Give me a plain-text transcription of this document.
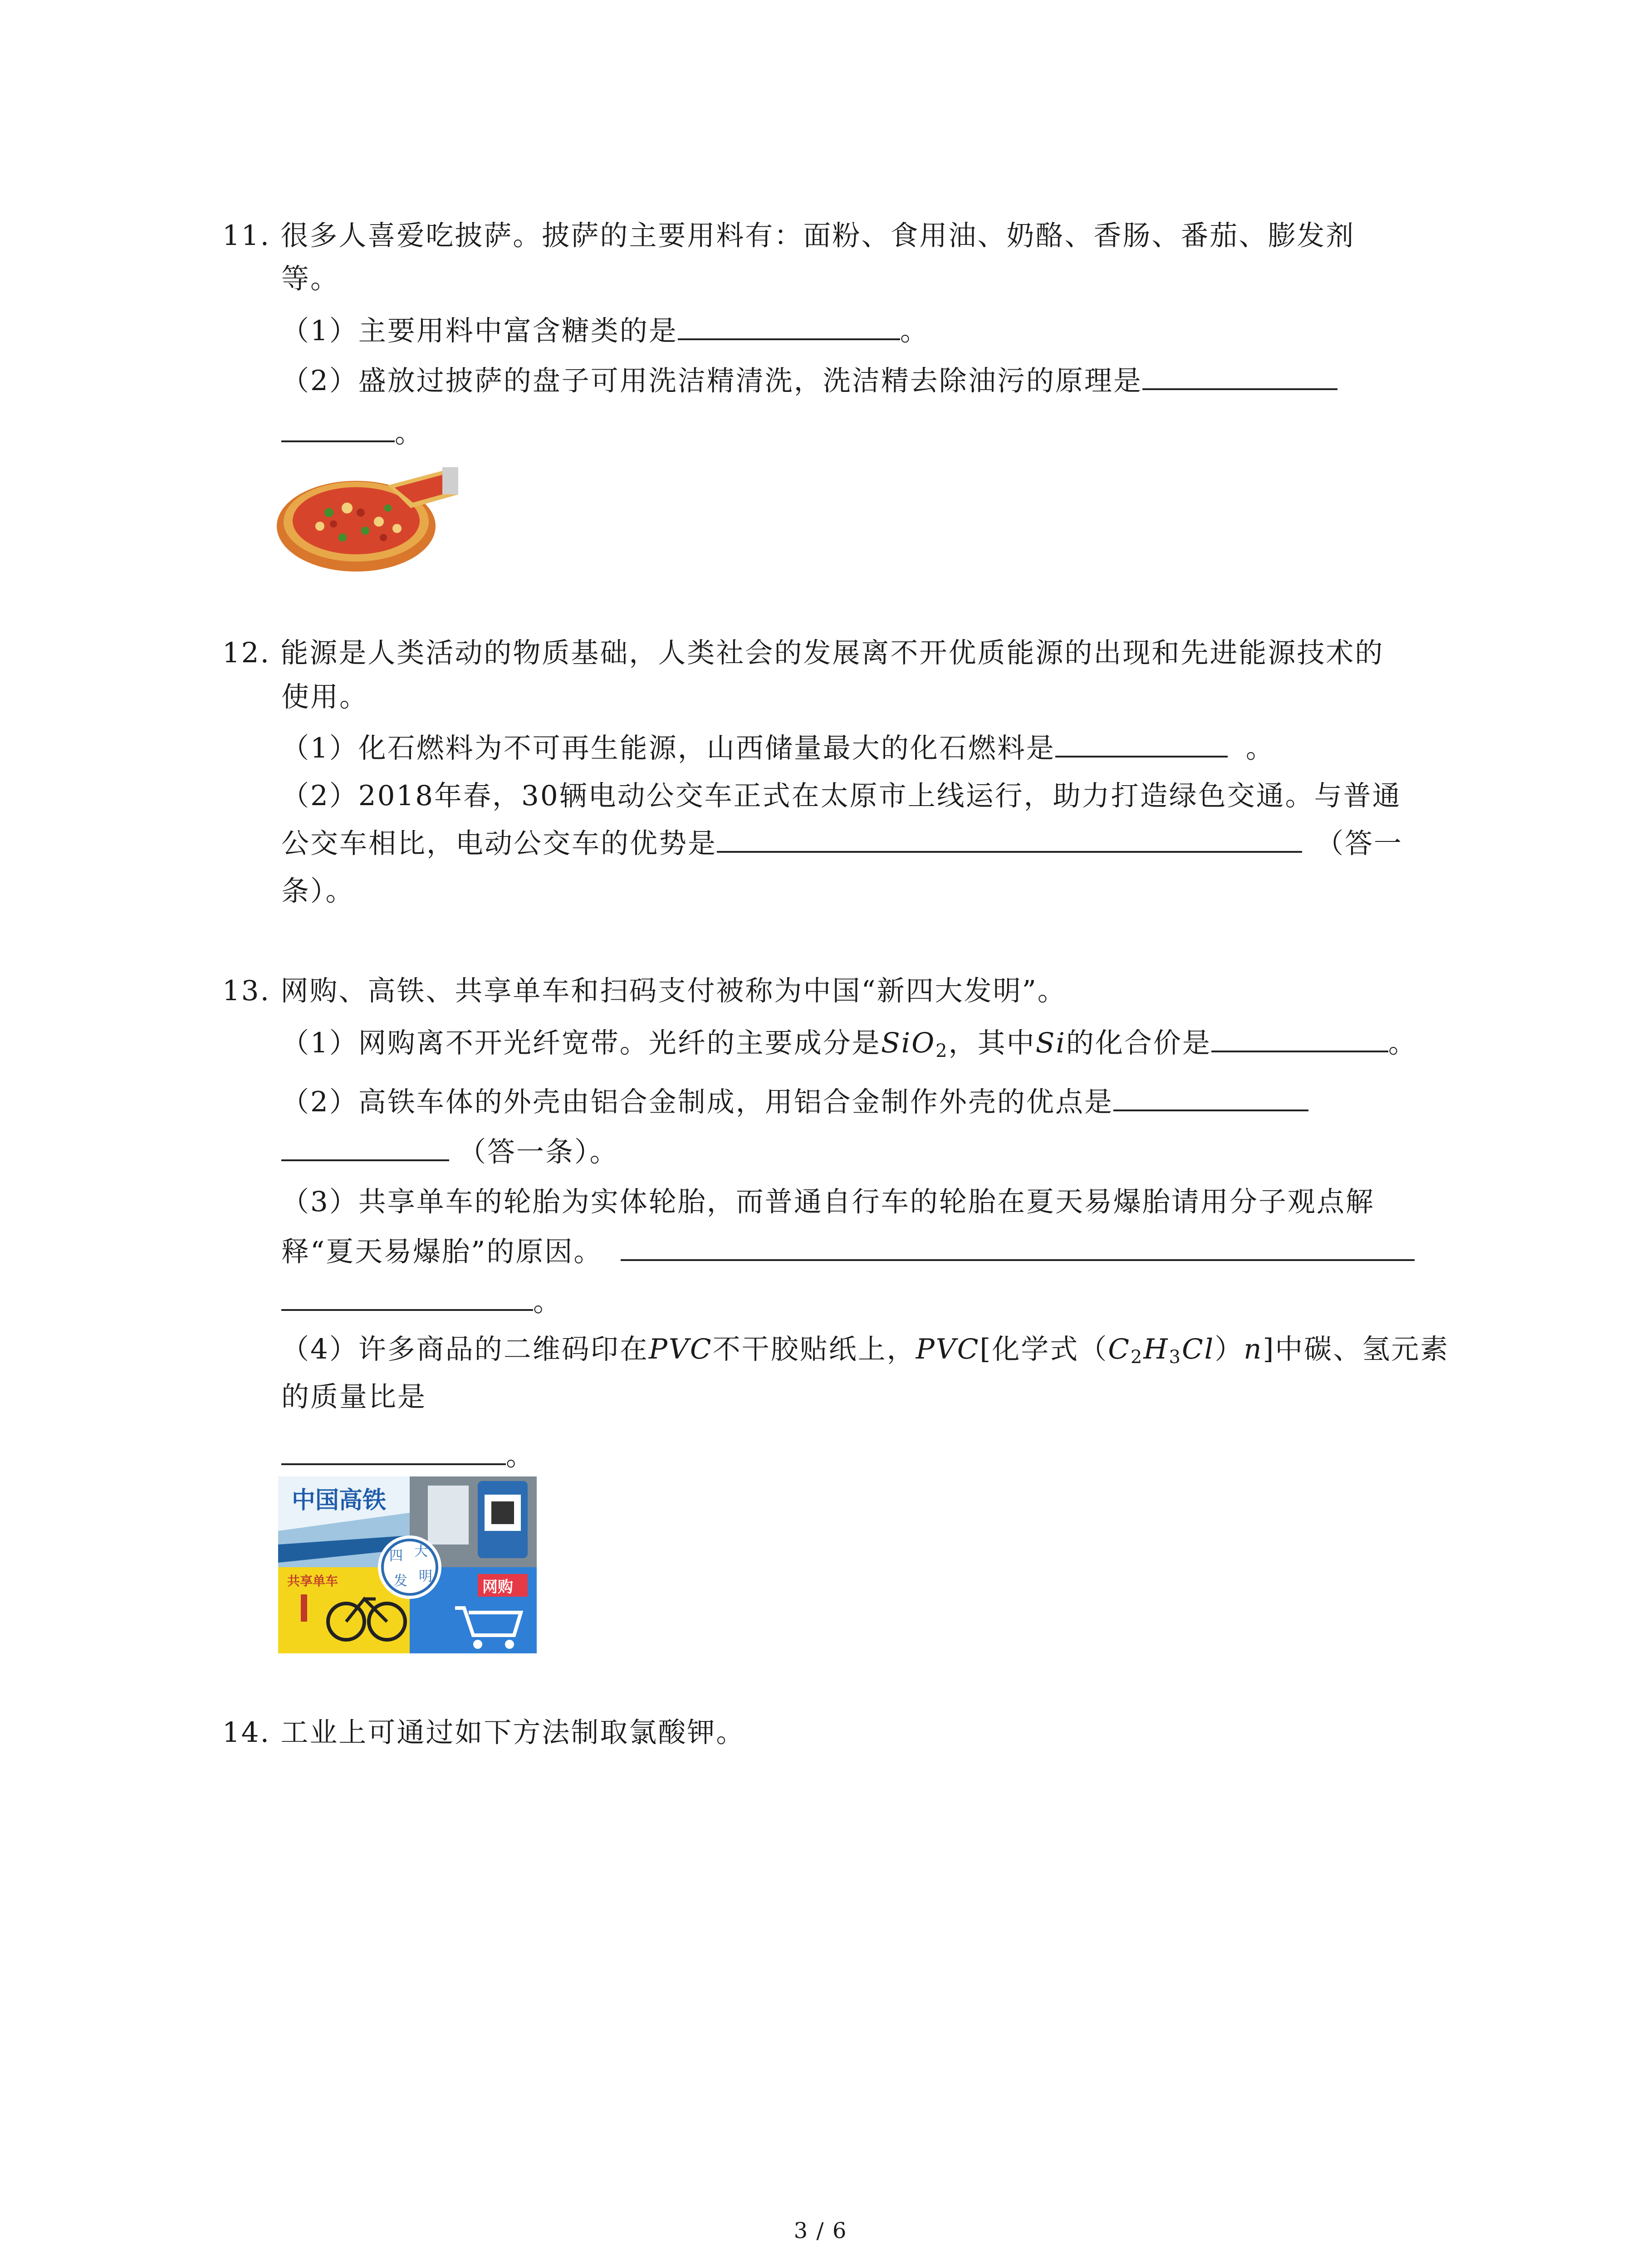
11. 很多人喜爱吃披萨。披萨的主要用料有：面粉、食用油、奶酪、香肠、番茄、膨发剂
等。
（1）主要用料中富含糖类的是	。
（2）盛放过披萨的盘子可用洗洁精清洗，洗洁精去除油污的原理是
。
12. 能源是人类活动的物质基础，人类社会的发展离不开优质能源的出现和先进能源技术的
使用。
（1）化石燃料为不可再生能源，山西储量最大的化石燃料是	。
（2）2018年春，30辆电动公交车正式在太原市上线运行，助力打造绿色交通。与普通
公交车相比，电动公交车的优势是	（答一
条）。
13. 网购、高铁、共享单车和扫码支付被称为中国“新四大发明”。
（1）网购离不开光纤宽带。光纤的主要成分是SiO$_2$，其中Si的化合价是	。
（2）高铁车体的外壳由铝合金制成，用铝合金制作外壳的优点是
（答一条）。
（3）共享单车的轮胎为实体轮胎，而普通自行车的轮胎在夏天易爆胎请用分子观点解
释“夏天易爆胎”的原因。
。
（4）许多商品的二维码印在PVC不干胶贴纸上，PVC[化学式$(C_2H_3Cl)n$]中碳、氢元素
的质量比是
。
中国高铁
共享单车	网购
四 大
发 明
14. 工业上可通过如下方法制取氯酸钾。
3 / 6
